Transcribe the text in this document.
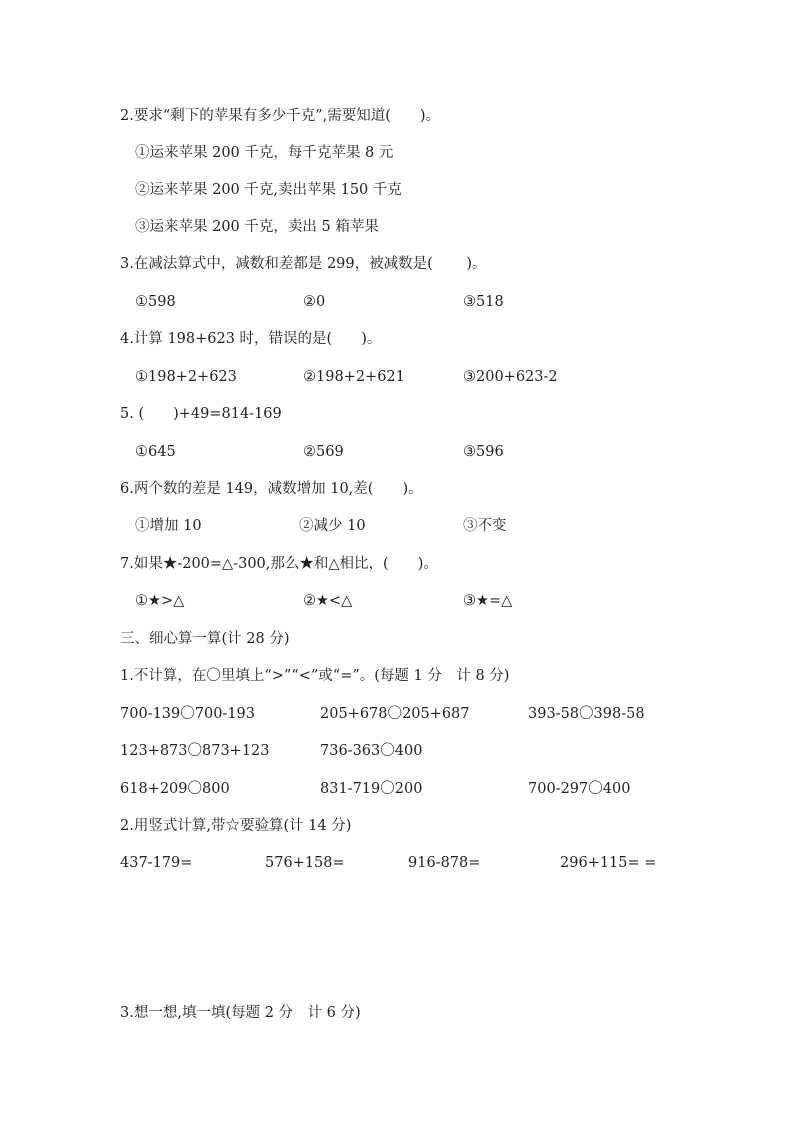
2.要求“剩下的苹果有多少千克”,需要知道(　　)。
①运来苹果 200 千克，每千克苹果 8 元
②运来苹果 200 千克,卖出苹果 150 千克
③运来苹果 200 千克，卖出 5 箱苹果
3.在减法算式中，减数和差都是 299，被减数是(　　 )。
①598	②0	③518
4.计算 198+623 时，错误的是(　　)。
①198+2+623	②198+2+621	③200+623-2
5. (　　)+49=814-169
①645	②569	③596
6.两个数的差是 149，减数增加 10,差(　　)。
①增加 10	②减少 10	③不变
7.如果★-200=△-300,那么★和△相比，(　　)。
①★>△	②★<△	③★=△
三、细心算一算(计 28 分)
1.不计算，在〇里填上“>”“<”或“=”。(每题 1 分　计 8 分)
700-139〇700-193	205+678〇205+687	393-58〇398-58
123+873〇873+123	736-363〇400
618+209〇800	831-719〇200	700-297〇400
2.用竖式计算,带☆要验算(计 14 分)
437-179=	576+158=	916-878=	296+115= =
3.想一想,填一填(每题 2 分　计 6 分)
